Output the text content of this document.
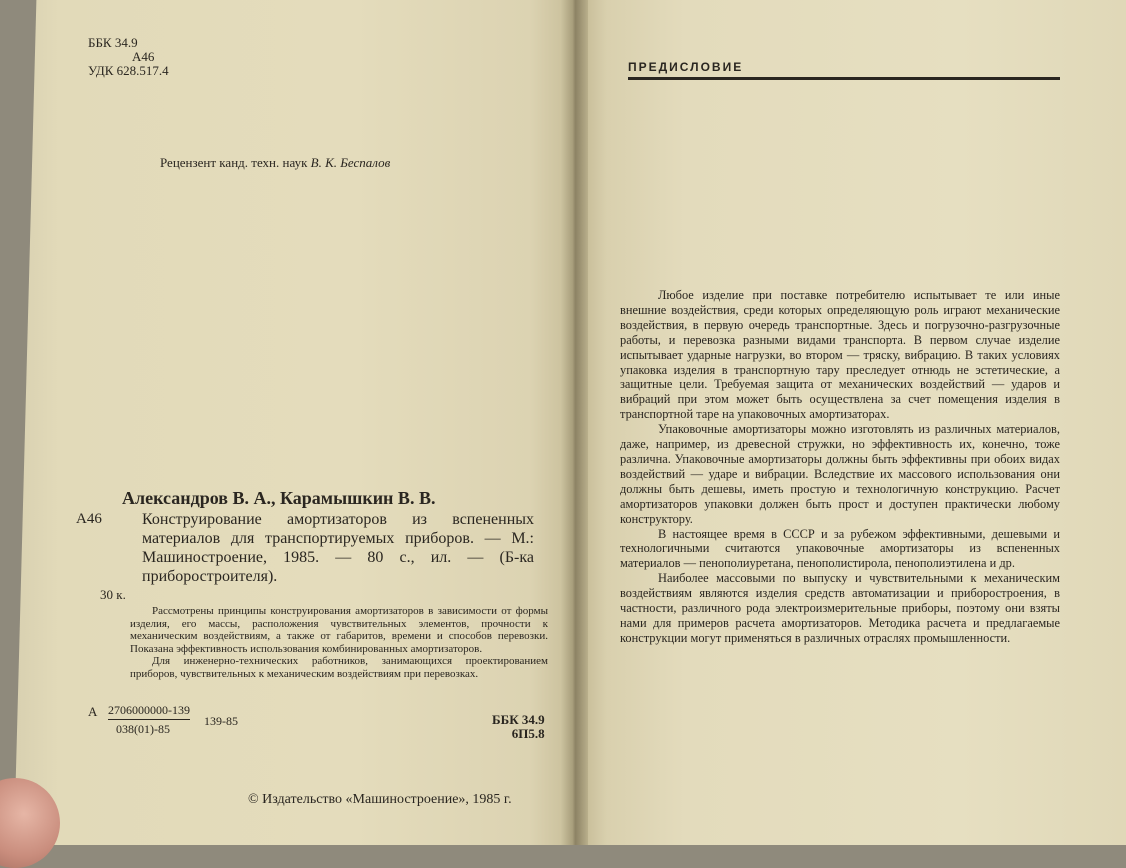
ББК 34.9
А46
УДК 628.517.4
Рецензент канд. техн. наук В. К. Беспалов
Александров В. А., Карамышкин В. В.
А46	Конструирование амортизаторов из вспененных материалов для транспортируемых приборов. — М.: Машиностроение, 1985. — 80 с., ил. — (Б-ка приборостроителя).
30 к.

Рассмотрены принципы конструирования амортизаторов в зависимости от формы изделия, его массы, расположения чувствительных элементов, прочности к механическим воздействиям, а также от габаритов, времени и способов перевозки. Показана эффективность использования комбинированных амортизаторов.

Для инженерно-технических работников, занимающихся проектированием приборов, чувствительных к механическим воздействиям при перевозках.

А 2706000000-139
038(01)-85
139-85	ББК 34.9
6П5.8
© Издательство «Машиностроение», 1985 г.
ПРЕДИСЛОВИЕ

Любое изделие при поставке потребителю испытывает те или иные внешние воздействия, среди которых определяющую роль играют механические воздействия, в первую очередь транспортные. Здесь и погрузочно-разгрузочные работы, и перевозка разными видами транспорта. В первом случае изделие испытывает ударные нагрузки, во втором — тряску, вибрацию. В таких условиях упаковка изделия в транспортную тару преследует отнюдь не эстетические, а защитные цели. Требуемая защита от механических воздействий — ударов и вибраций при этом может быть осуществлена за счет помещения изделия в транспортной таре на упаковочных амортизаторах.

Упаковочные амортизаторы можно изготовлять из различных материалов, даже, например, из древесной стружки, но эффективность их, конечно, тоже различна. Упаковочные амортизаторы должны быть эффективны при обоих видах воздействий — ударе и вибрации. Вследствие их массового использования они должны быть дешевы, иметь простую и технологичную конструкцию. Расчет амортизаторов упаковки должен быть прост и доступен практически любому конструктору.

В настоящее время в СССР и за рубежом эффективными, дешевыми и технологичными считаются упаковочные амортизаторы из вспененных материалов — пенополиуретана, пенополистирола, пенополиэтилена и др.

Наиболее массовыми по выпуску и чувствительными к механическим воздействиям являются изделия средств автоматизации и приборостроения, в частности, различного рода электроизмерительные приборы, поэтому они взяты нами для примеров расчета амортизаторов. Методика расчета и предлагаемые конструкции могут применяться в различных отраслях промышленности.
